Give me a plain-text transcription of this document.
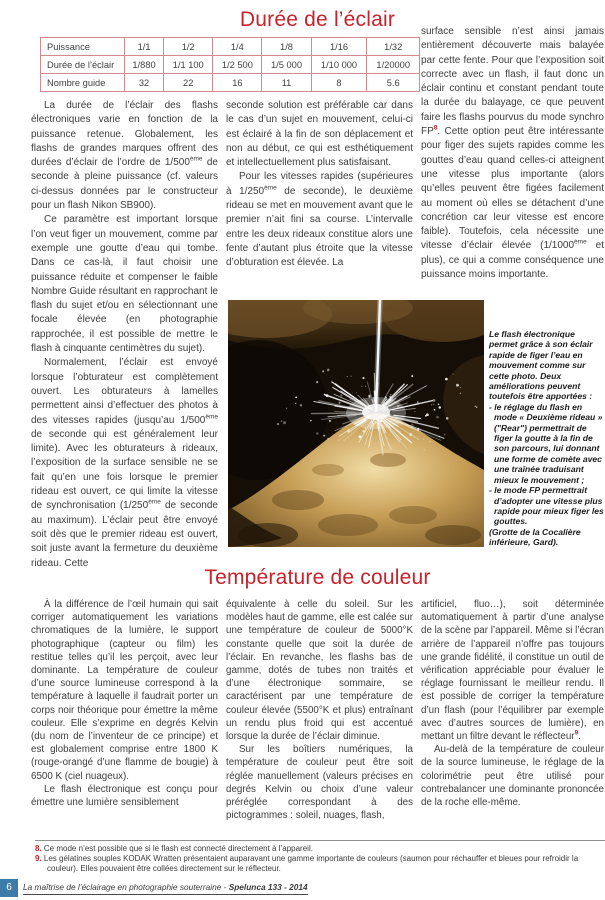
Durée de l’éclair
Puissance	1/1	1/2	1/4	1/8	1/16	1/32
Durée de l’éclair	1/880	1/1 100	1/2 500	1/5 000	1/10 000	1/20000
Nombre guide	32	22	16	11	8	5.6

La durée de l’éclair des flashs électroniques varie en fonction de la puissance retenue. Globalement, les flashs de grandes marques offrent des durées d’éclair de l’ordre de 1/500ème de seconde à pleine puissance (cf. valeurs ci-dessus données par le constructeur pour un flash Nikon SB900).

Ce paramètre est important lorsque l’on veut figer un mouvement, comme par exemple une goutte d’eau qui tombe. Dans ce cas-là, il faut choisir une puissance réduite et compenser le faible Nombre Guide résultant en rapprochant le flash du sujet et/ou en sélectionnant une focale élevée (en photographie rapprochée, il est possible de mettre le flash à cinquante centimètres du sujet).

Normalement, l’éclair est envoyé lorsque l’obturateur est complètement ouvert. Les obturateurs à lamelles permettent ainsi d’effectuer des photos à des vitesses rapides (jusqu’au 1/500ème de seconde qui est généralement leur limite). Avec les obturateurs à rideaux, l’exposition de la surface sensible ne se fait qu’en une fois lorsque le premier rideau est ouvert, ce qui limite la vitesse de synchronisation (1/250ème de seconde au maximum). L’éclair peut être envoyé soit dès que le premier rideau est ouvert, soit juste avant la fermeture du deuxième rideau. Cette

seconde solution est préférable car dans le cas d’un sujet en mouvement, celui-ci est éclairé à la fin de son déplacement et non au début, ce qui est esthétiquement et intellectuellement plus satisfaisant.

Pour les vitesses rapides (supérieures à 1/250ème de seconde), le deuxième rideau se met en mouvement avant que le premier n’ait fini sa course. L’intervalle entre les deux rideaux constitue alors une fente d’autant plus étroite que la vitesse d’obturation est élevée. La

surface sensible n’est ainsi jamais entièrement découverte mais balayée par cette fente. Pour que l’exposition soit correcte avec un flash, il faut donc un éclair continu et constant pendant toute la durée du balayage, ce que peuvent faire les flashs pourvus du mode synchro $FP^8$. Cette option peut être intéressante pour figer des sujets rapides comme les gouttes d’eau quand celles-ci atteignent une vitesse plus importante (alors qu’elles peuvent être figées facilement au moment où elles se détachent d’une concrétion car leur vitesse est encore faible). Toutefois, cela nécessite une vitesse d’éclair élevée (1/1000ème et plus), ce qui a comme conséquence une puissance moins importante.

Le flash électronique permet grâce à son éclair rapide de figer l’eau en mouvement comme sur cette photo. Deux améliorations peuvent toutefois être apportées :

- le réglage du flash en mode « Deuxième rideau » ("Rear") permettrait de figer la goutte à la fin de son parcours, lui donnant une forme de comète avec une traînée traduisant mieux le mouvement ;

- le mode FP permettrait d’adopter une vitesse plus rapide pour mieux figer les gouttes.

(Grotte de la Cocalière inférieure, Gard).

Température de couleur

À la différence de l’œil humain qui sait corriger automatiquement les variations chromatiques de la lumière, le support photographique (capteur ou film) les restitue telles qu’il les perçoit, avec leur dominante. La température de couleur d’une source lumineuse correspond à la température à laquelle il faudrait porter un corps noir théorique pour émettre la même couleur. Elle s’exprime en degrés Kelvin (du nom de l’inventeur de ce principe) et est globalement comprise entre 1800 K (rouge-orangé d’une flamme de bougie) à 6500 K (ciel nuageux).

Le flash électronique est conçu pour émettre une lumière sensiblement

équivalente à celle du soleil. Sur les modèles haut de gamme, elle est calée sur une température de couleur de 5000°K constante quelle que soit la durée de l’éclair. En revanche, les flashs bas de gamme, dotés de tubes non traités et d’une électronique sommaire, se caractérisent par une température de couleur élevée (5500°K et plus) entraînant un rendu plus froid qui est accentué lorsque la durée de l’éclair diminue.

Sur les boîtiers numériques, la température de couleur peut être soit réglée manuellement (valeurs précises en degrés Kelvin ou choix d’une valeur préréglée correspondant à des pictogrammes : soleil, nuages, flash,

artificiel, fluo…), soit déterminée automatiquement à partir d’une analyse de la scène par l’appareil. Même si l’écran arrière de l’appareil n’offre pas toujours une grande fidélité, il constitue un outil de vérification appréciable pour évaluer le réglage fournissant le meilleur rendu. Il est possible de corriger la température d’un flash (pour l’équilibrer par exemple avec d’autres sources de lumière), en mettant un filtre devant le réflecteur$^9$.

Au-delà de la température de couleur de la source lumineuse, le réglage de la colorimétrie peut être utilisé pour contrebalancer une dominante prononcée de la roche elle-même.

8. Ce mode n’est possible que si le flash est connecté directement à l’appareil.
9. Les gélatines souples KODAK Wratten présentaient auparavant une gamme importante de couleurs (saumon pour réchauffer et bleues pour refroidir la couleur). Elles pouvaient être collées directement sur le réflecteur.
6	La maîtrise de l’éclairage en photographie souterraine - Spelunca 133 - 2014
